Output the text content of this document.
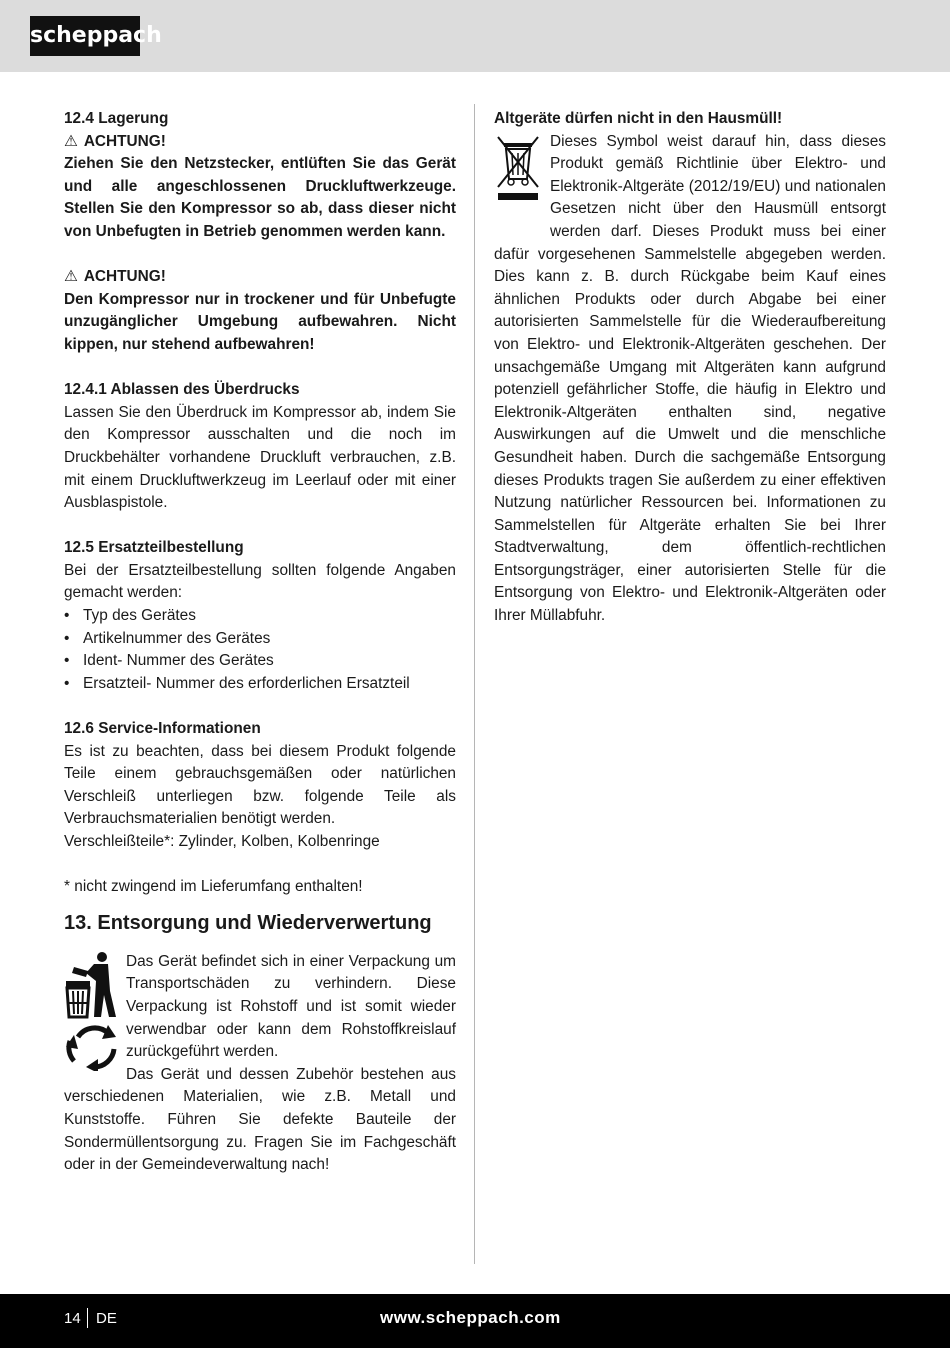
scheppach

12.4 Lagerung

⚠ ACHTUNG!

Ziehen Sie den Netzstecker, entlüften Sie das Gerät und alle angeschlossenen Druckluftwerkzeuge. Stellen Sie den Kompressor so ab, dass dieser nicht von Unbefugten in Betrieb genommen werden kann.

⚠ ACHTUNG!

Den Kompressor nur in trockener und für Unbefugte unzugänglicher Umgebung aufbewahren. Nicht kippen, nur stehend aufbewahren!

12.4.1 Ablassen des Überdrucks

Lassen Sie den Überdruck im Kompressor ab, indem Sie den Kompressor ausschalten und die noch im Druckbehälter vorhandene Druckluft verbrauchen, z.B. mit einem Druckluftwerkzeug im Leerlauf oder mit einer Ausblaspistole.

12.5 Ersatzteilbestellung

Bei der Ersatzteilbestellung sollten folgende Angaben gemacht werden:

• Typ des Gerätes
• Artikelnummer des Gerätes
• Ident- Nummer des Gerätes
• Ersatzteil- Nummer des erforderlichen Ersatzteil

12.6 Service-Informationen

Es ist zu beachten, dass bei diesem Produkt folgende Teile einem gebrauchsgemäßen oder natürlichen Verschleiß unterliegen bzw. folgende Teile als Verbrauchsmaterialien benötigt werden.

Verschleißteile*: Zylinder, Kolben, Kolbenringe

* nicht zwingend im Lieferumfang enthalten!

13. Entsorgung und Wiederverwertung

Das Gerät befindet sich in einer Verpackung um Transportschäden zu verhindern. Diese Verpackung ist Rohstoff und ist somit wieder verwendbar oder kann dem Rohstoffkreislauf zurückgeführt werden.

Das Gerät und dessen Zubehör bestehen aus verschiedenen Materialien, wie z.B. Metall und Kunststoffe. Führen Sie defekte Bauteile der Sondermüllentsorgung zu. Fragen Sie im Fachgeschäft oder in der Gemeindeverwaltung nach!

Altgeräte dürfen nicht in den Hausmüll!

Dieses Symbol weist darauf hin, dass dieses Produkt gemäß Richtlinie über Elektro- und Elektronik-Altgeräte (2012/19/EU) und nationalen Gesetzen nicht über den Hausmüll entsorgt werden darf. Dieses Produkt muss bei einer dafür vorgesehenen Sammelstelle abgegeben werden. Dies kann z. B. durch Rückgabe beim Kauf eines ähnlichen Produkts oder durch Abgabe bei einer autorisierten Sammelstelle für die Wiederaufbereitung von Elektro- und Elektronik-Altgeräten geschehen. Der unsachgemäße Umgang mit Altgeräten kann aufgrund potenziell gefährlicher Stoffe, die häufig in Elektro und Elektronik-Altgeräten enthalten sind, negative Auswirkungen auf die Umwelt und die menschliche Gesundheit haben. Durch die sachgemäße Entsorgung dieses Produkts tragen Sie außerdem zu einer effektiven Nutzung natürlicher Ressourcen bei. Informationen zu Sammelstellen für Altgeräte erhalten Sie bei Ihrer Stadtverwaltung, dem öffentlich-rechtlichen Entsorgungsträger, einer autorisierten Stelle für die Entsorgung von Elektro- und Elektronik-Altgeräten oder Ihrer Müllabfuhr.

14 DE	www.scheppach.com
